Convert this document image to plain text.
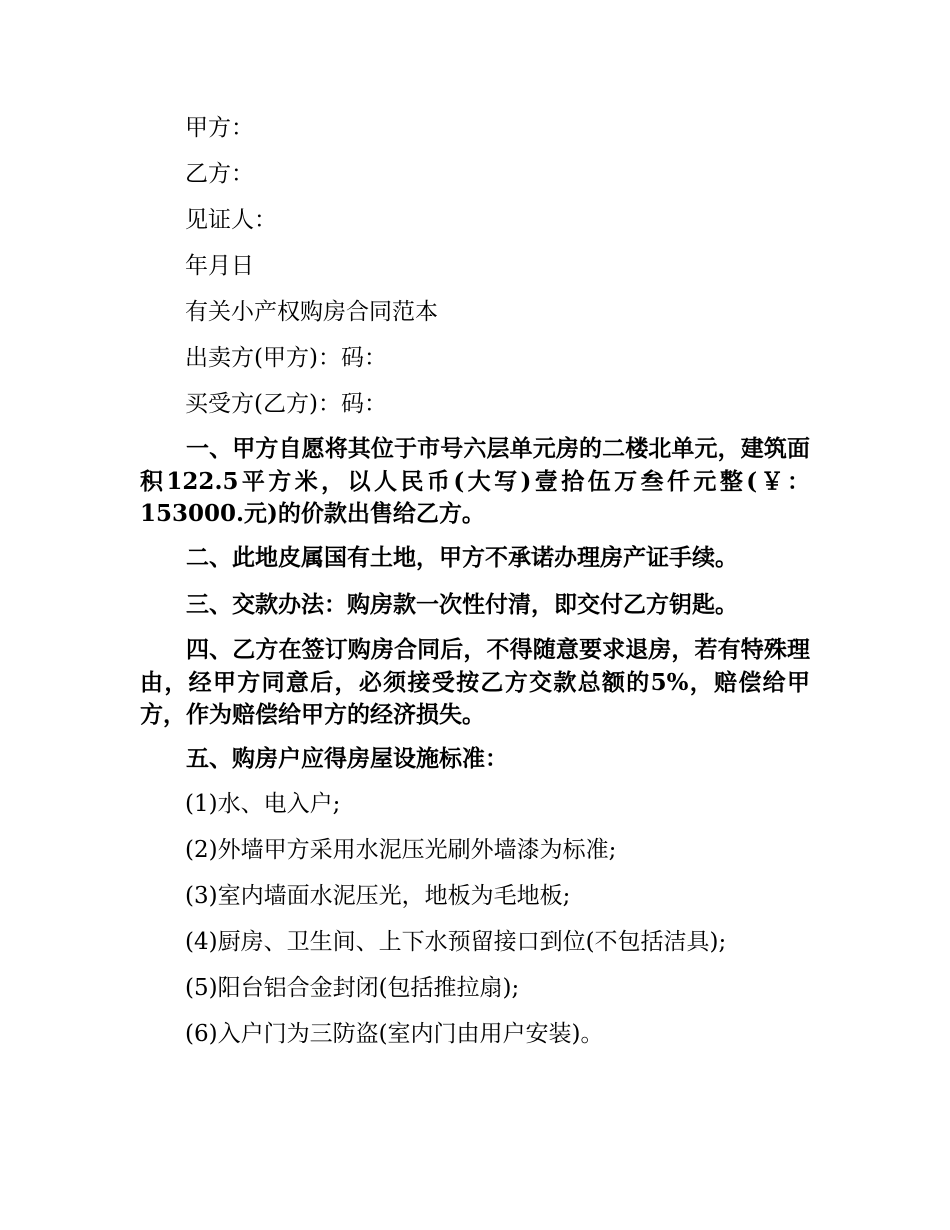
甲方：

乙方：

见证人：

年月日

有关小产权购房合同范本

出卖方(甲方)：码：

买受方(乙方)：码：

一、甲方自愿将其位于市号六层单元房的二楼北单元，建筑面积122.5平方米，以人民币(大写)壹拾伍万叁仟元整(￥：153000.元)的价款出售给乙方。

二、此地皮属国有土地，甲方不承诺办理房产证手续。

三、交款办法：购房款一次性付清，即交付乙方钥匙。

四、乙方在签订购房合同后，不得随意要求退房，若有特殊理由，经甲方同意后，必须接受按乙方交款总额的5%，赔偿给甲方，作为赔偿给甲方的经济损失。

五、购房户应得房屋设施标准：

(1)水、电入户;

(2)外墙甲方采用水泥压光刷外墙漆为标准;

(3)室内墙面水泥压光，地板为毛地板;

(4)厨房、卫生间、上下水预留接口到位(不包括洁具);

(5)阳台铝合金封闭(包括推拉扇);

(6)入户门为三防盗(室内门由用户安装)。
